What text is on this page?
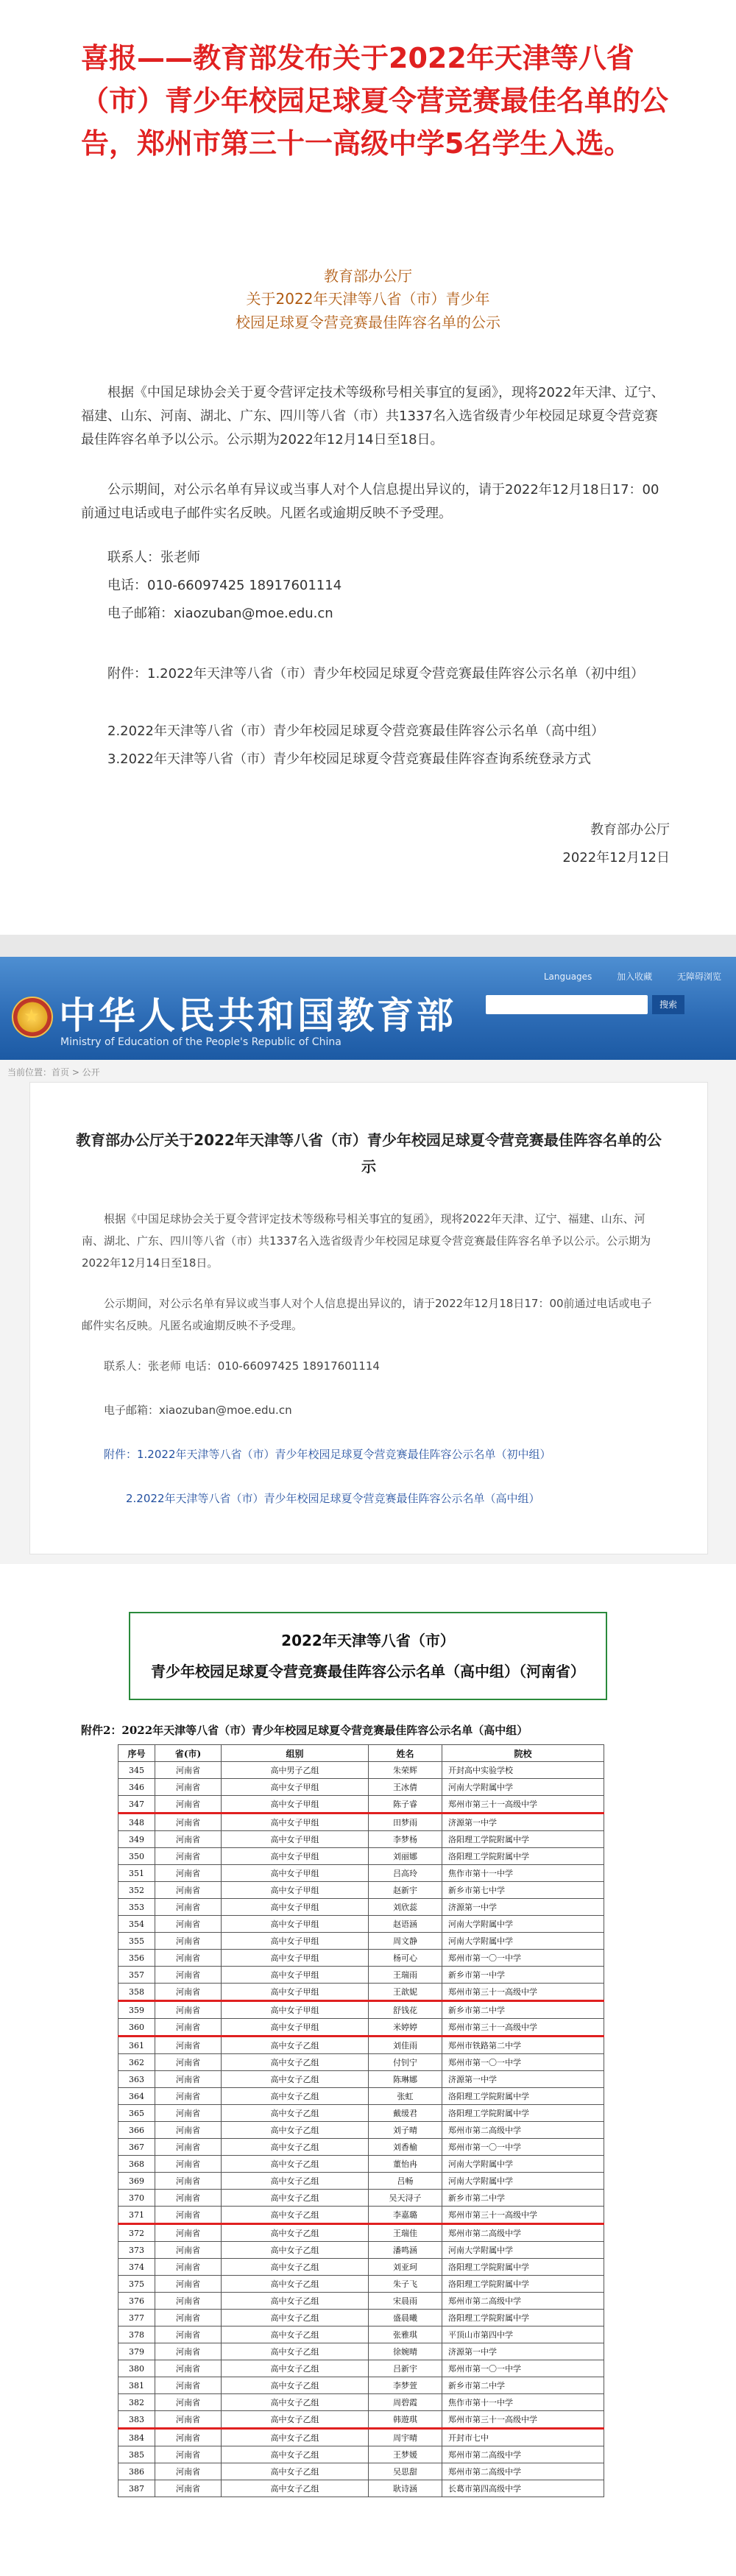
喜报——教育部发布关于2022年天津等八省（市）青少年校园足球夏令营竞赛最佳名单的公告，郑州市第三十一高级中学5名学生入选。
教育部办公厅
关于2022年天津等八省（市）青少年
校园足球夏令营竞赛最佳阵容名单的公示

根据《中国足球协会关于夏令营评定技术等级称号相关事宜的复函》，现将2022年天津、辽宁、福建、山东、河南、湖北、广东、四川等八省（市）共1337名入选省级青少年校园足球夏令营竞赛最佳阵容名单予以公示。公示期为2022年12月14日至18日。

公示期间，对公示名单有异议或当事人对个人信息提出异议的，请于2022年12月18日17：00前通过电话或电子邮件实名反映。凡匿名或逾期反映不予受理。

联系人：张老师

电话：010-66097425 18917601114

电子邮箱：xiaozuban@moe.edu.cn

附件：1.2022年天津等八省（市）青少年校园足球夏令营竞赛最佳阵容公示名单（初中组）

2.2022年天津等八省（市）青少年校园足球夏令营竞赛最佳阵容公示名单（高中组）

3.2022年天津等八省（市）青少年校园足球夏令营竞赛最佳阵容查询系统登录方式

教育部办公厅

2022年12月12日

★ 中华人民共和国教育部
Ministry of Education of the People's Republic of China
Languages	加入收藏	无障碍浏览
搜索
当前位置：首页 > 公开
教育部办公厅关于2022年天津等八省（市）青少年校园足球夏令营竞赛最佳阵容名单的公示

根据《中国足球协会关于夏令营评定技术等级称号相关事宜的复函》，现将2022年天津、辽宁、福建、山东、河南、湖北、广东、四川等八省（市）共1337名入选省级青少年校园足球夏令营竞赛最佳阵容名单予以公示。公示期为2022年12月14日至18日。

公示期间，对公示名单有异议或当事人对个人信息提出异议的，请于2022年12月18日17：00前通过电话或电子邮件实名反映。凡匿名或逾期反映不予受理。

联系人：张老师 电话：010-66097425 18917601114

电子邮箱：xiaozuban@moe.edu.cn

附件：1.2022年天津等八省（市）青少年校园足球夏令营竞赛最佳阵容公示名单（初中组）

2.2022年天津等八省（市）青少年校园足球夏令营竞赛最佳阵容公示名单（高中组）

2022年天津等八省（市）
青少年校园足球夏令营竞赛最佳阵容公示名单（高中组）（河南省）
附件2：2022年天津等八省（市）青少年校园足球夏令营竞赛最佳阵容公示名单（高中组）
序号	省(市)	组别	姓名	院校
345	河南省	高中男子乙组	朱荣辉	开封高中实验学校
346	河南省	高中女子甲组	王冰倩	河南大学附属中学
347	河南省	高中女子甲组	陈子睿	郑州市第三十一高级中学
348	河南省	高中女子甲组	田梦雨	济源第一中学
349	河南省	高中女子甲组	李梦杨	洛阳理工学院附属中学
350	河南省	高中女子甲组	刘丽娜	洛阳理工学院附属中学
351	河南省	高中女子甲组	吕高玲	焦作市第十一中学
352	河南省	高中女子甲组	赵新宇	新乡市第七中学
353	河南省	高中女子甲组	刘欣蕊	济源第一中学
354	河南省	高中女子甲组	赵语涵	河南大学附属中学
355	河南省	高中女子甲组	周文静	河南大学附属中学
356	河南省	高中女子甲组	杨可心	郑州市第一〇一中学
357	河南省	高中女子甲组	王瑞雨	新乡市第一中学
358	河南省	高中女子甲组	王歆妮	郑州市第三十一高级中学
359	河南省	高中女子甲组	舒钱花	新乡市第二中学
360	河南省	高中女子甲组	米婷婷	郑州市第三十一高级中学
361	河南省	高中女子乙组	刘佳雨	郑州市铁路第二中学
362	河南省	高中女子乙组	付钊宁	郑州市第一〇一中学
363	河南省	高中女子乙组	陈琳娜	济源第一中学
364	河南省	高中女子乙组	张虹	洛阳理工学院附属中学
365	河南省	高中女子乙组	戴缓君	洛阳理工学院附属中学
366	河南省	高中女子乙组	刘子晴	郑州市第二高级中学
367	河南省	高中女子乙组	刘香榆	郑州市第一〇一中学
368	河南省	高中女子乙组	董怡冉	河南大学附属中学
369	河南省	高中女子乙组	吕畅	河南大学附属中学
370	河南省	高中女子乙组	吴天浔子	新乡市第二中学
371	河南省	高中女子乙组	李嘉璐	郑州市第三十一高级中学
372	河南省	高中女子乙组	王瑞佳	郑州市第二高级中学
373	河南省	高中女子乙组	潘鸣涵	河南大学附属中学
374	河南省	高中女子乙组	刘亚珂	洛阳理工学院附属中学
375	河南省	高中女子乙组	朱子飞	洛阳理工学院附属中学
376	河南省	高中女子乙组	宋晨雨	郑州市第二高级中学
377	河南省	高中女子乙组	盛晨曦	洛阳理工学院附属中学
378	河南省	高中女子乙组	张雅琪	平顶山市第四中学
379	河南省	高中女子乙组	徐婉晴	济源第一中学
380	河南省	高中女子乙组	吕新宇	郑州市第一〇一中学
381	河南省	高中女子乙组	李梦萱	新乡市第二中学
382	河南省	高中女子乙组	周碧霞	焦作市第十一中学
383	河南省	高中女子乙组	韩遊琪	郑州市第三十一高级中学
384	河南省	高中女子乙组	周宇晴	开封市七中
385	河南省	高中女子乙组	王梦媛	郑州市第二高级中学
386	河南省	高中女子乙组	吴思甜	郑州市第二高级中学
387	河南省	高中女子乙组	耿诗涵	长葛市第四高级中学
